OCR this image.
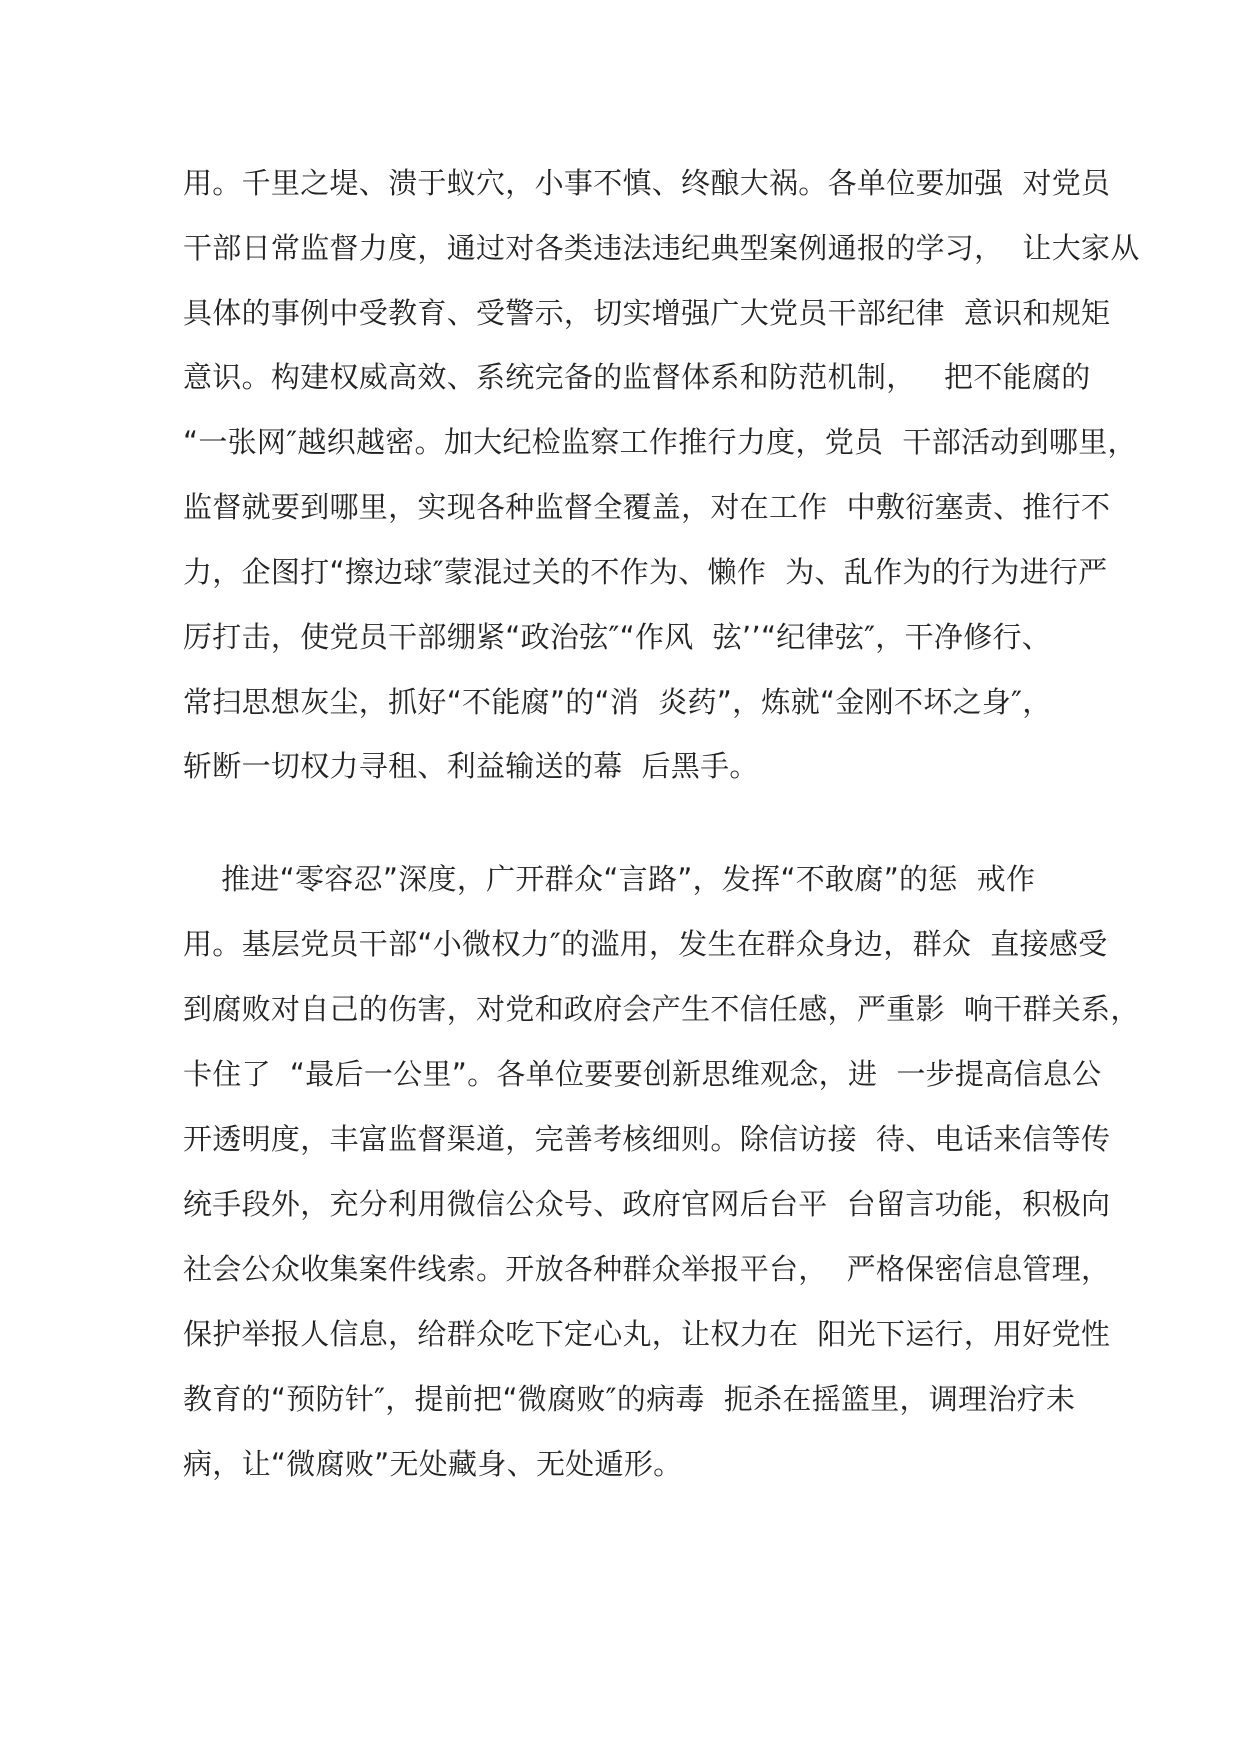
用。千里之堤、溃于蚁穴，小事不慎、终酿大祸。各单位要加强  对党员

干部日常监督力度，通过对各类违法违纪典型案例通报的学习，  让大家从

具体的事例中受教育、受警示，切实增强广大党员干部纪律  意识和规矩

意识。构建权威高效、系统完备的监督体系和防范机制，   把不能腐的

“一张网″越织越密。加大纪检监察工作推行力度，党员  干部活动到哪里，

监督就要到哪里，实现各种监督全覆盖，对在工作  中敷衍塞责、推行不

力，企图打“擦边球″蒙混过关的不作为、懒作  为、乱作为的行为进行严

厉打击，使党员干部绷紧“政治弦″“作风  弦’’“纪律弦″，干净修行、

常扫思想灰尘，抓好“不能腐”的“消  炎药”，炼就“金刚不坏之身″，

斩断一切权力寻租、利益输送的幕  后黑手。

推进“零容忍”深度，广开群众“言路”，发挥“不敢腐”的惩  戒作

用。基层党员干部“小微权力″的滥用，发生在群众身边，群众  直接感受

到腐败对自己的伤害，对党和政府会产生不信任感，严重影  响干群关系，

卡住了  “最后一公里”。各单位要要创新思维观念，进  一步提高信息公

开透明度，丰富监督渠道，完善考核细则。除信访接  待、电话来信等传

统手段外，充分利用微信公众号、政府官网后台平  台留言功能，积极向

社会公众收集案件线索。开放各种群众举报平台，  严格保密信息管理，

保护举报人信息，给群众吃下定心丸，让权力在  阳光下运行，用好党性

教育的“预防针″，提前把“微腐败″的病毒  扼杀在摇篮里，调理治疗未

病，让“微腐败”无处藏身、无处遁形。
